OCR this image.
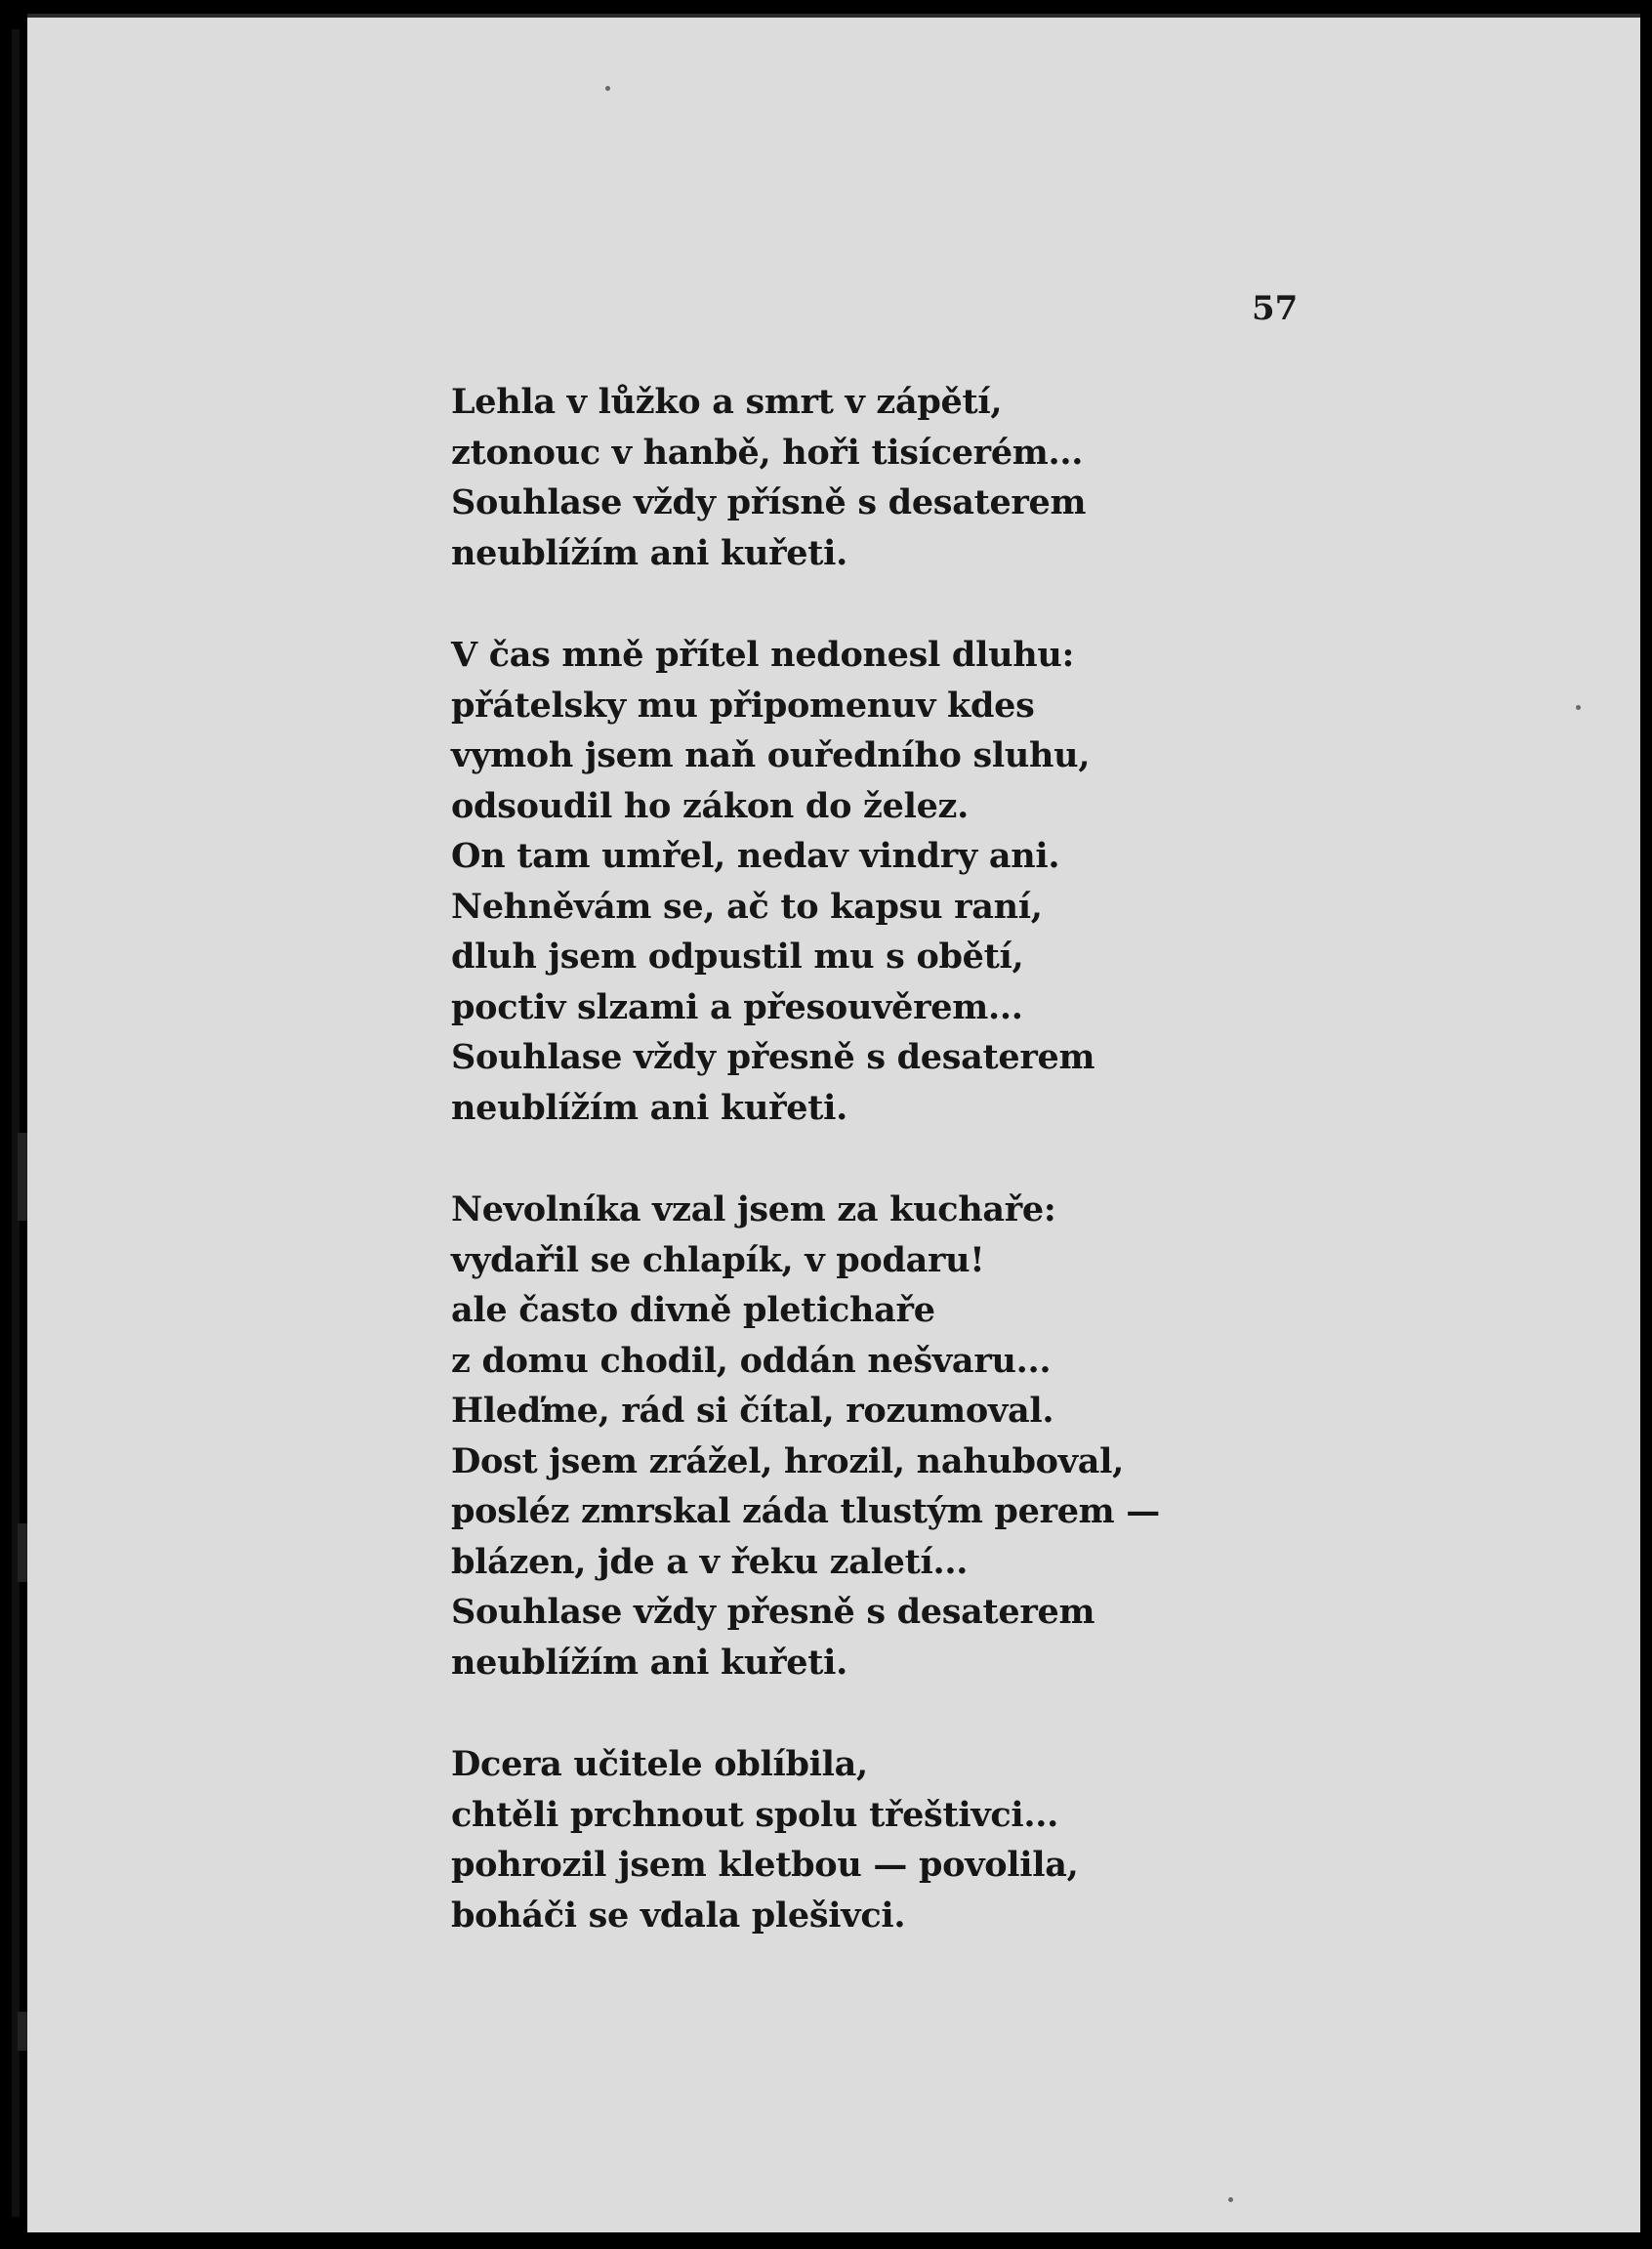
57
Lehla v lůžko a smrt v zápětí,
ztonouc v hanbě, hoři tisícerém...
Souhlase vždy přísně s desaterem
neublížím ani kuřeti.
V čas mně přítel nedonesl dluhu:
přátelsky mu připomenuv kdes
vymoh jsem naň ouředního sluhu,
odsoudil ho zákon do želez.
On tam umřel, nedav vindry ani.
Nehněvám se, ač to kapsu raní,
dluh jsem odpustil mu s obětí,
poctiv slzami a přesouvěrem...
Souhlase vždy přesně s desaterem
neublížím ani kuřeti.
Nevolníka vzal jsem za kuchaře:
vydařil se chlapík, v podaru!
ale často divně pletichaře
z domu chodil, oddán nešvaru...
Hleďme, rád si čítal, rozumoval.
Dost jsem zrážel, hrozil, nahuboval,
posléz zmrskal záda tlustým perem —
blázen, jde a v řeku zaletí...
Souhlase vždy přesně s desaterem
neublížím ani kuřeti.
Dcera učitele oblíbila,
chtěli prchnout spolu třeštivci...
pohrozil jsem kletbou — povolila,
boháči se vdala plešivci.
